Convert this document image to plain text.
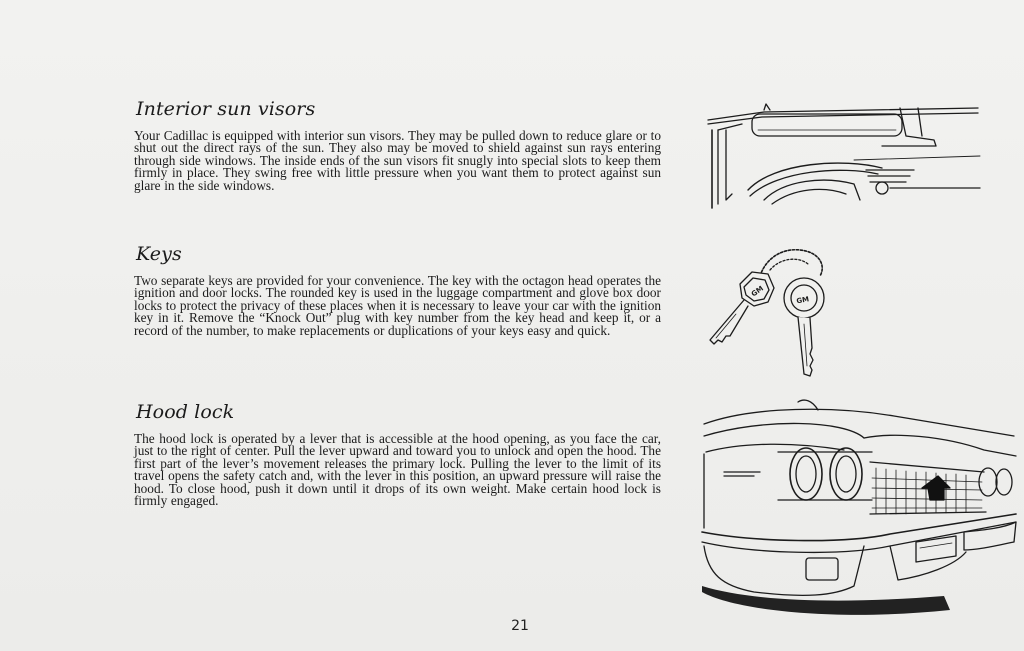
Interior sun visors

Your Cadillac is equipped with interior sun visors. They may be pulled down to reduce glare or to shut out the direct rays of the sun. They also may be moved to shield against sun rays entering through side windows. The inside ends of the sun visors fit snugly into special slots to keep them firmly in place. They swing free with little pressure when you want them to protect against sun glare in the side windows.

Keys

Two separate keys are provided for your convenience. The key with the octagon head operates the ignition and door locks. The rounded key is used in the luggage compartment and glove box door locks to protect the privacy of these places when it is necessary to leave your car with the ignition key in it. Remove the “Knock Out” plug with key number from the key head and keep it, or a record of the number, to make replacements or duplications of your keys easy and quick.

Hood lock

The hood lock is operated by a lever that is accessible at the hood opening, as you face the car, just to the right of center. Pull the lever upward and toward you to unlock and open the hood. The first part of the lever’s movement releases the primary lock. Pulling the lever to the limit of its travel opens the safety catch and, with the lever in this position, an upward pressure will raise the hood. To close hood, push it down until it drops of its own weight. Make certain hood lock is firmly engaged.

GM
GM
21
